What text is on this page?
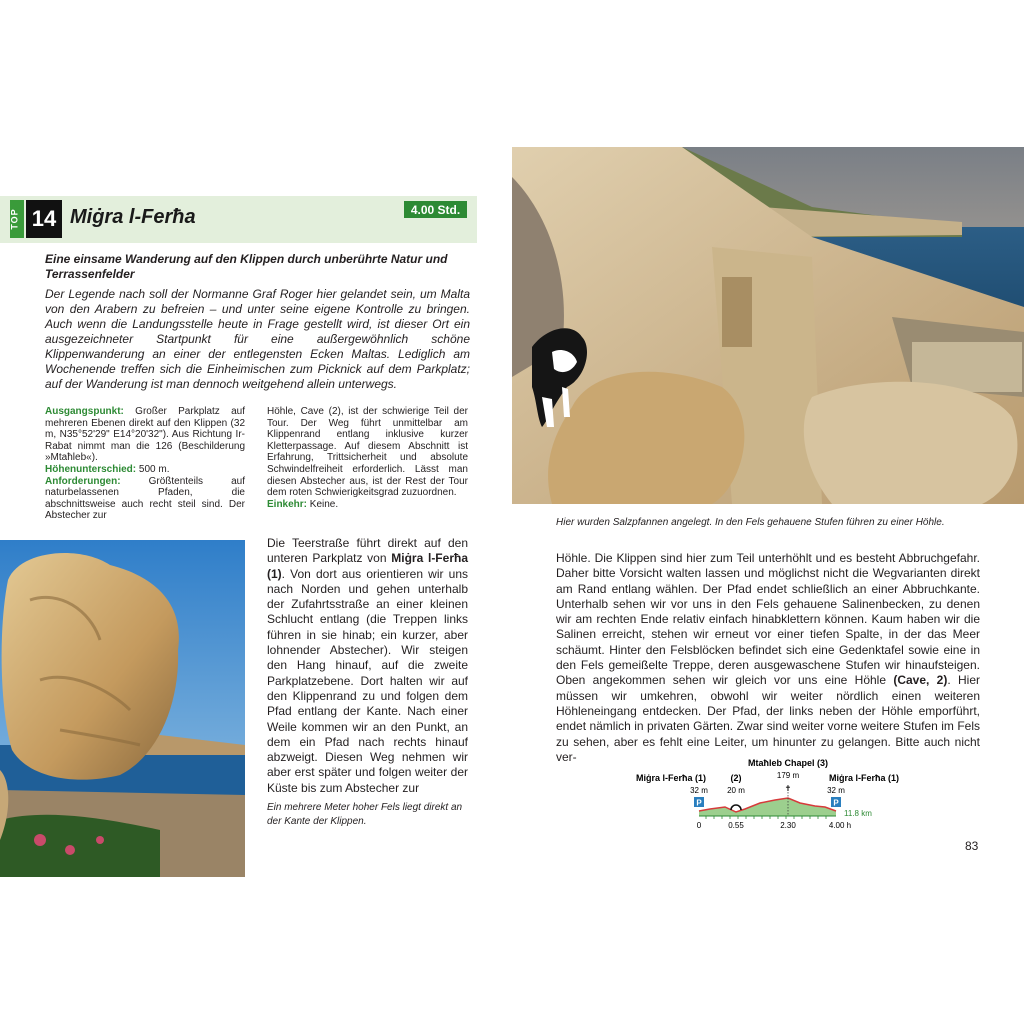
TOP 14 Miġra l-Ferħa	4.00 Std.
Eine einsame Wanderung auf den Klippen durch unberührte Natur und Terrassenfelder
Der Legende nach soll der Normanne Graf Roger hier gelandet sein, um Malta von den Arabern zu befreien – und unter seine eigene Kontrolle zu bringen. Auch wenn die Landungsstelle heute in Frage gestellt wird, ist dieser Ort ein ausgezeichneter Startpunkt für eine außergewöhnlich schöne Klippenwanderung an einer der entlegensten Ecken Maltas. Lediglich am Wochenende treffen sich die Einheimischen zum Picknick auf dem Parkplatz; auf der Wanderung ist man dennoch weitgehend allein unterwegs.
Ausgangspunkt: Großer Parkplatz auf mehreren Ebenen direkt auf den Klippen (32 m, N35°52'29" E14°20'32"). Aus Richtung Ir-Rabat nimmt man die 126 (Beschilderung »Mtaħleb«).
Höhenunterschied: 500 m.
Anforderungen: Größtenteils auf naturbelassenen Pfaden, die abschnittsweise auch recht steil sind. Der Abstecher zur
Höhle, Cave (2), ist der schwierige Teil der Tour. Der Weg führt unmittelbar am Klippenrand entlang inklusive kurzer Kletterpassage. Auf diesem Abschnitt ist Erfahrung, Trittsicherheit und absolute Schwindelfreiheit erforderlich. Lässt man diesen Abstecher aus, ist der Rest der Tour dem roten Schwierigkeitsgrad zuzuordnen.
Einkehr: Keine.
Die Teerstraße führt direkt auf den unteren Parkplatz von Miġra l-Ferħa (1). Von dort aus orientieren wir uns nach Norden und gehen unterhalb der Zufahrtsstraße an einer kleinen Schlucht entlang (die Treppen links führen in sie hinab; ein kurzer, aber lohnender Abstecher). Wir steigen den Hang hinauf, auf die zweite Parkplatzebene. Dort halten wir auf den Klippenrand zu und folgen dem Pfad entlang der Kante. Nach einer Weile kommen wir an den Punkt, an dem ein Pfad nach rechts hinauf abzweigt. Diesen Weg nehmen wir aber erst später und folgen weiter der Küste bis zum Abstecher zur
Ein mehrere Meter hoher Fels liegt direkt an der Kante der Klippen.
Hier wurden Salzpfannen angelegt. In den Fels gehauene Stufen führen zu einer Höhle.
Höhle. Die Klippen sind hier zum Teil unterhöhlt und es besteht Abbruchgefahr. Daher bitte Vorsicht walten lassen und möglichst nicht die Wegvarianten direkt am Rand entlang wählen. Der Pfad endet schließlich an einer Abbruchkante. Unterhalb sehen wir vor uns in den Fels gehauene Salinenbecken, zu denen wir am rechten Ende relativ einfach hinabklettern können. Kaum haben wir die Salinen erreicht, stehen wir erneut vor einer tiefen Spalte, in der das Meer schäumt. Hinter den Felsblöcken befindet sich eine Gedenktafel sowie eine in den Fels gemeißelte Treppe, deren ausgewaschene Stufen wir hinaufsteigen. Oben angekommen sehen wir gleich vor uns eine Höhle (Cave, 2). Hier müssen wir umkehren, obwohl wir weiter nördlich einen weiteren Höhleneingang entdecken. Der Pfad, der links neben der Höhle emporführt, endet nämlich in privaten Gärten. Zwar sind weiter vorne weitere Stufen im Fels zu sehen, aber es fehlt eine Leiter, um hinunter zu gelangen. Bitte auch nicht ver-	Mtaħleb Chapel (3)
Miġra l-Ferħa (1)	(2)	Miġra l-Ferħa (1)
32 m 20 m
179 m
32 m
✝
P	P
11.8 km
0	0.55	2.30	4.00 h
83
